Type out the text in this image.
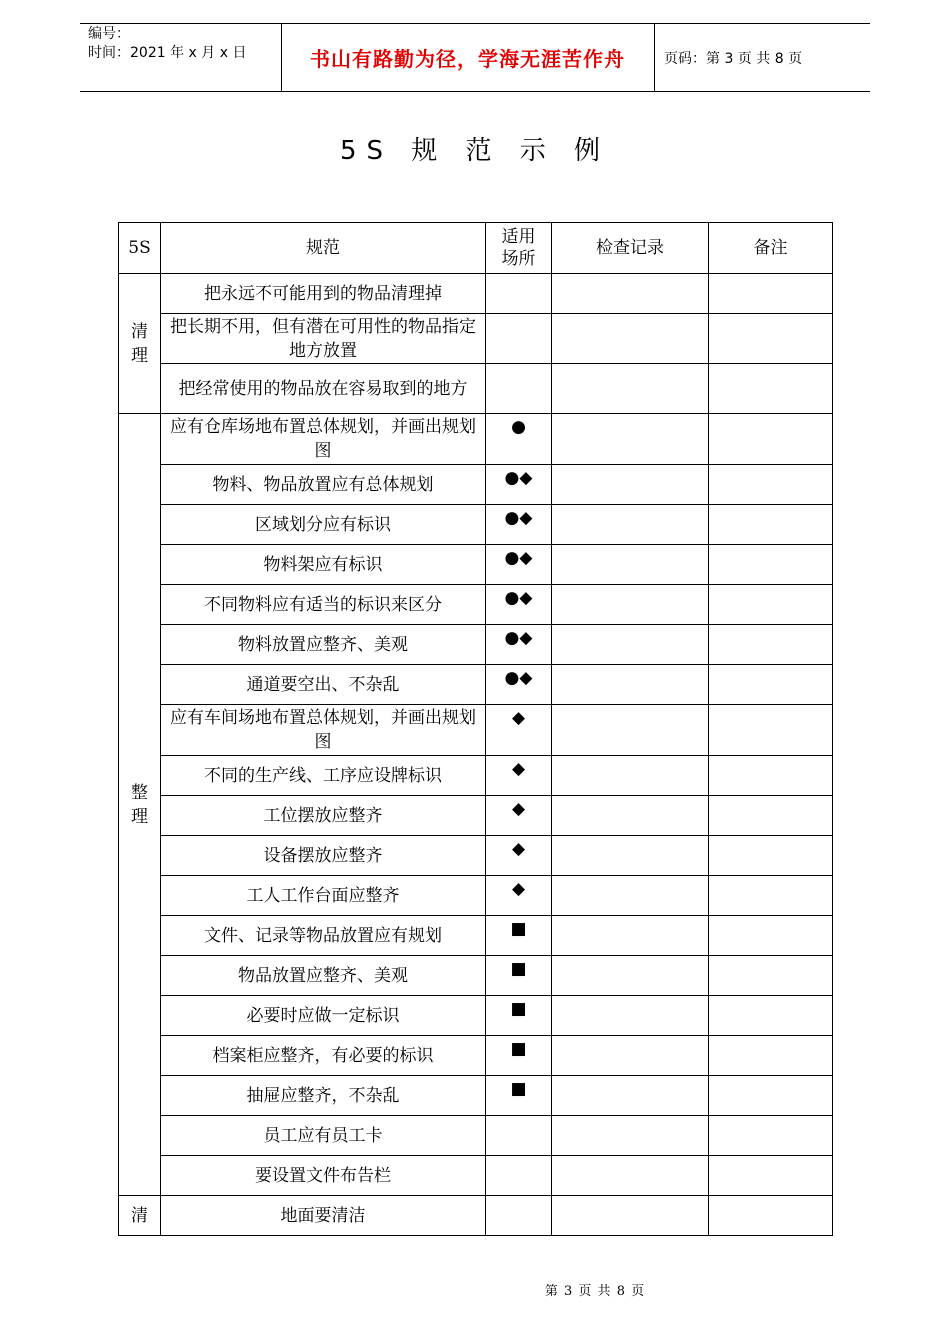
编号：
时间：2021 年 x 月 x 日	书山有路勤为径，学海无涯苦作舟	页码：第 3 页 共 8 页
5S 规 范 示 例
5S	规范	适用场所	检查记录	备注
清理	把永远不可能用到的物品清理掉			
	把长期不用，但有潜在可用性的物品指定地方放置			
	把经常使用的物品放在容易取到的地方			
整理	应有仓库场地布置总体规划，并画出规划图	●		
	物料、物品放置应有总体规划	●◆		
	区域划分应有标识	●◆		
	物料架应有标识	●◆		
	不同物料应有适当的标识来区分	●◆		
	物料放置应整齐、美观	●◆		
	通道要空出、不杂乱	●◆		
	应有车间场地布置总体规划，并画出规划图	◆		
	不同的生产线、工序应设牌标识	◆		
	工位摆放应整齐	◆		
	设备摆放应整齐	◆		
	工人工作台面应整齐	◆		
	文件、记录等物品放置应有规划	■		
	物品放置应整齐、美观	■		
	必要时应做一定标识	■		
	档案柜应整齐，有必要的标识	■		
	抽屉应整齐，不杂乱	■		
	员工应有员工卡			
	要设置文件布告栏			
清	地面要清洁			
第 3 页 共 8 页
